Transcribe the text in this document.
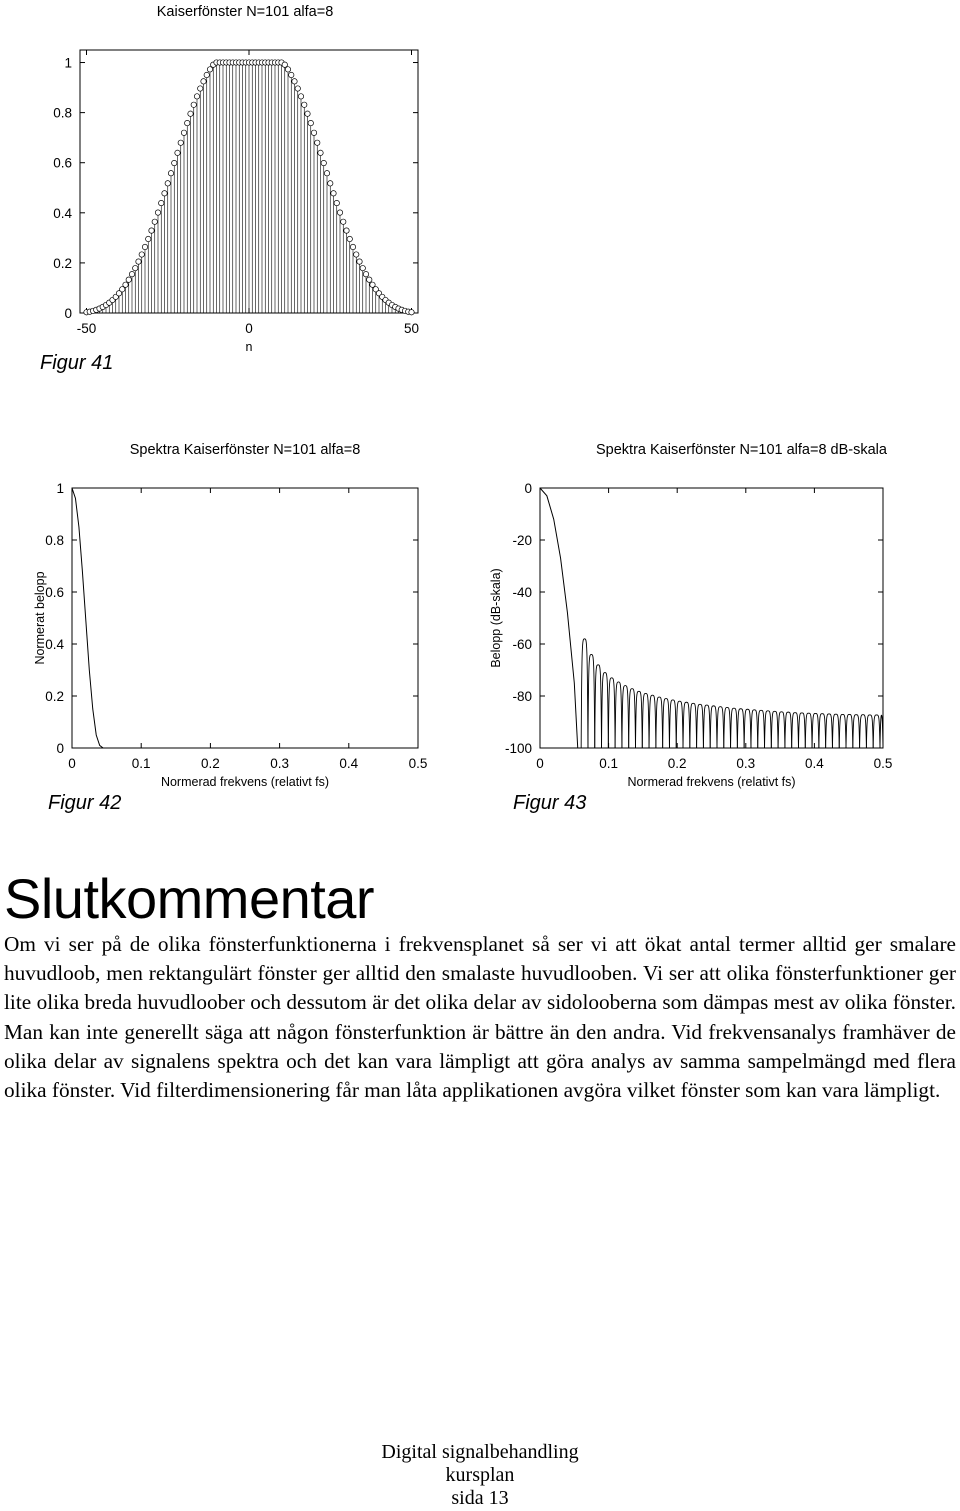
Kaiserfönster N=101 alfa=8
0
0.2
0.4
0.6
0.8
1
-50	0	50
n
Figur 41
Spektra Kaiserfönster N=101 alfa=8
0
0.2
0.4
0.6
0.8
1
0	0.1	0.2	0.3	0.4	0.5
Normerad frekvens (relativt fs)
Normerat belopp
Figur 42
Spektra Kaiserfönster N=101 alfa=8 dB-skala
-100
-80
-60
-40
-20
0
0	0.1	0.2	0.3	0.4	0.5
Normerad frekvens (relativt fs)
Belopp (dB-skala)
Figur 43
Slutkommentar
Om vi ser på de olika fönsterfunktionerna i frekvensplanet så ser vi att ökat antal termer alltid ger smalare huvudloob, men rektangulärt fönster ger alltid den smalaste huvudlooben. Vi ser att olika fönsterfunktioner ger lite olika breda huvudloober och dessutom är det olika delar av sidolooberna som dämpas mest av olika fönster. Man kan inte generellt säga att någon fönsterfunktion är bättre än den andra. Vid frekvensanalys framhäver de olika delar av signalens spektra och det kan vara lämpligt att göra analys av samma sampelmängd med flera olika fönster. Vid filterdimensionering får man låta applikationen avgöra vilket fönster som kan vara lämpligt.
Digital signalbehandling
kursplan
sida 13
